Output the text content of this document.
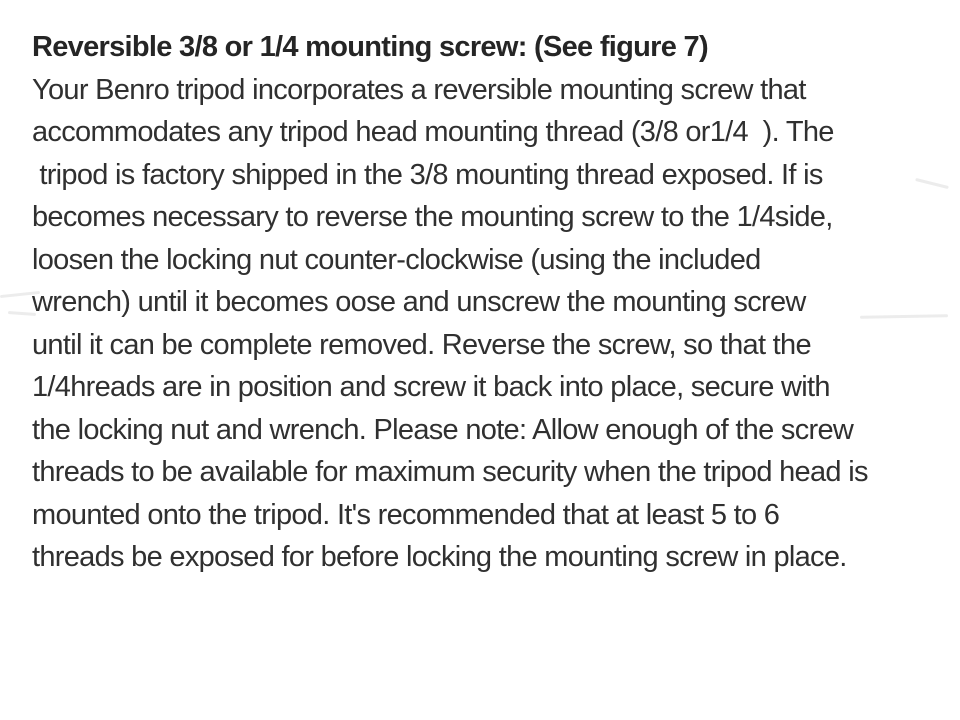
Reversible 3/8 or 1/4 mounting screw: (See figure 7)
Your Benro tripod incorporates a reversible mounting screw that
accommodates any tripod head mounting thread (3/8 or1/4  ). The
tripod is factory shipped in the 3/8 mounting thread exposed. If is
becomes necessary to reverse the mounting screw to the 1/4side,
loosen the locking nut counter-clockwise (using the included
wrench) until it becomes oose and unscrew the mounting screw
until it can be complete removed. Reverse the screw, so that the
1/4hreads are in position and screw it back into place, secure with
the locking nut and wrench. Please note: Allow enough of the screw
threads to be available for maximum security when the tripod head is
mounted onto the tripod. It's recommended that at least 5 to 6
threads be exposed for before locking the mounting screw in place.
